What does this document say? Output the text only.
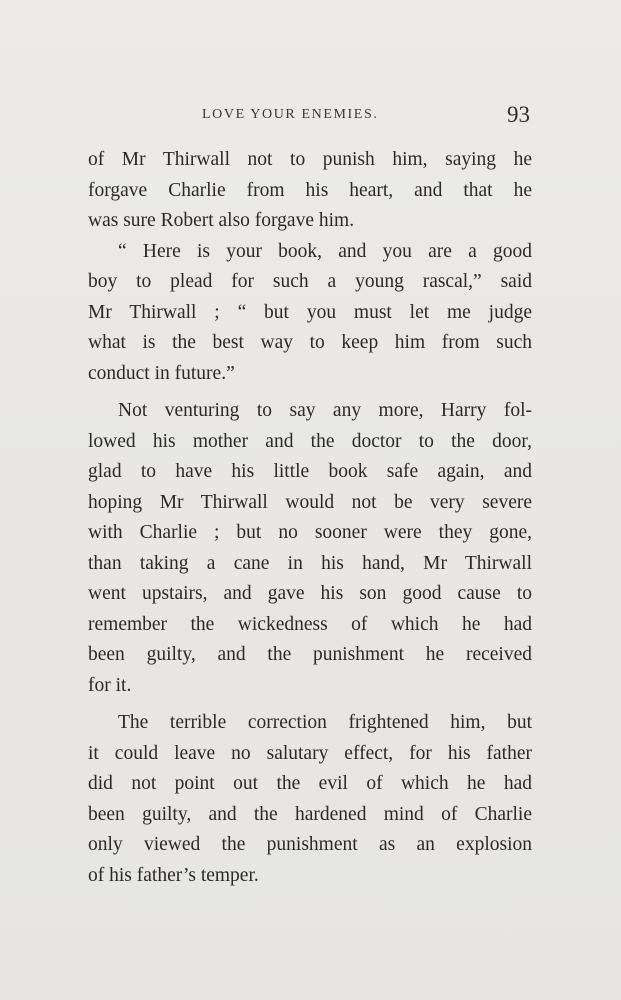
LOVE YOUR ENEMIES.	93

of Mr Thirwall not to punish him, saying he
forgave Charlie from his heart, and that he
was sure Robert also forgave him.

“ Here is your book, and you are a good
boy to plead for such a young rascal,” said
Mr Thirwall ; “ but you must let me judge
what is the best way to keep him from such
conduct in future.”

Not venturing to say any more, Harry fol-
lowed his mother and the doctor to the door,
glad to have his little book safe again, and
hoping Mr Thirwall would not be very severe
with Charlie ; but no sooner were they gone,
than taking a cane in his hand, Mr Thirwall
went upstairs, and gave his son good cause to
remember the wickedness of which he had
been guilty, and the punishment he received
for it.

The terrible correction frightened him, but
it could leave no salutary effect, for his father
did not point out the evil of which he had
been guilty, and the hardened mind of Charlie
only viewed the punishment as an explosion
of his father’s temper.
